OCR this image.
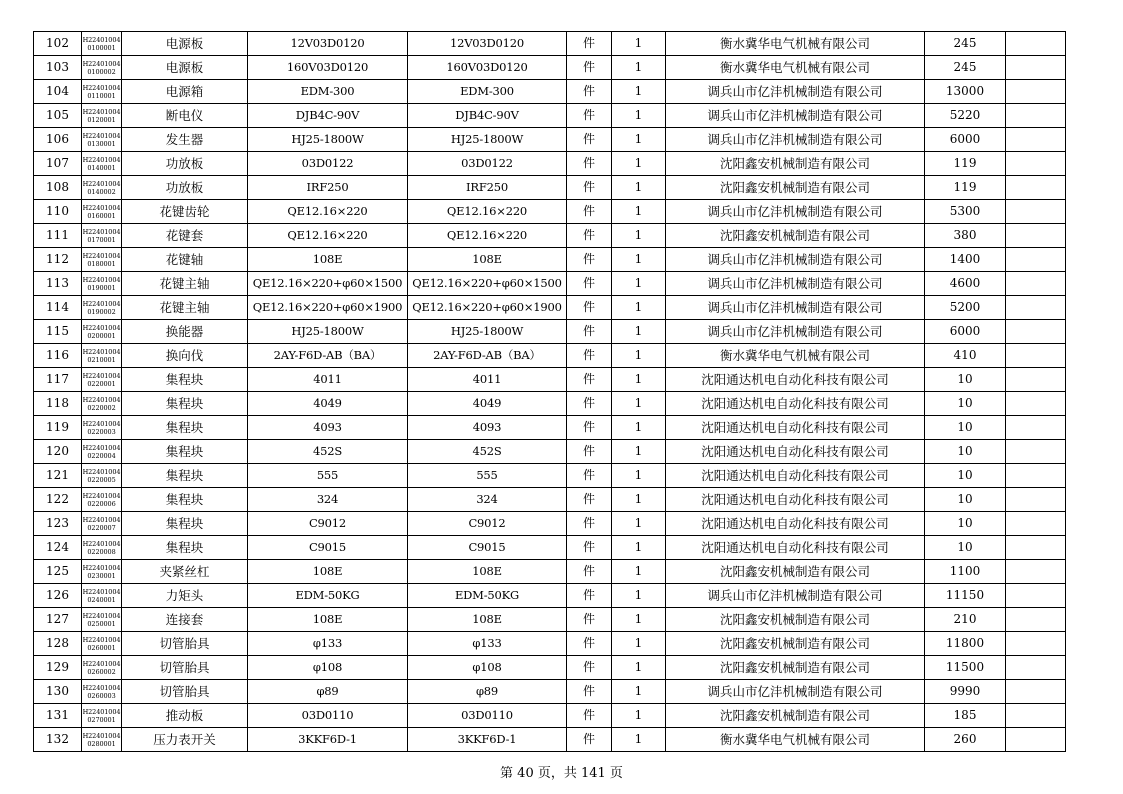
102	H22401004 0100001	电源板	12V03D0120	12V03D0120	件	1	衡水冀华电气机械有限公司	245	
103	H22401004 0100002	电源板	160V03D0120	160V03D0120	件	1	衡水冀华电气机械有限公司	245	
104	H22401004 0110001	电源箱	EDM-300	EDM-300	件	1	调兵山市亿沣机械制造有限公司	13000	
105	H22401004 0120001	断电仪	DJB4C-90V	DJB4C-90V	件	1	调兵山市亿沣机械制造有限公司	5220	
106	H22401004 0130001	发生器	HJ25-1800W	HJ25-1800W	件	1	调兵山市亿沣机械制造有限公司	6000	
107	H22401004 0140001	功放板	03D0122	03D0122	件	1	沈阳鑫安机械制造有限公司	119	
108	H22401004 0140002	功放板	IRF250	IRF250	件	1	沈阳鑫安机械制造有限公司	119	
110	H22401004 0160001	花键齿轮	QE12.16×220	QE12.16×220	件	1	调兵山市亿沣机械制造有限公司	5300	
111	H22401004 0170001	花键套	QE12.16×220	QE12.16×220	件	1	沈阳鑫安机械制造有限公司	380	
112	H22401004 0180001	花键轴	108E	108E	件	1	调兵山市亿沣机械制造有限公司	1400	
113	H22401004 0190001	花键主轴	QE12.16×220+φ60×1500	QE12.16×220+φ60×1500	件	1	调兵山市亿沣机械制造有限公司	4600	
114	H22401004 0190002	花键主轴	QE12.16×220+φ60×1900	QE12.16×220+φ60×1900	件	1	调兵山市亿沣机械制造有限公司	5200	
115	H22401004 0200001	换能器	HJ25-1800W	HJ25-1800W	件	1	调兵山市亿沣机械制造有限公司	6000	
116	H22401004 0210001	换向伐	2AY-F6D-AB（BA）	2AY-F6D-AB（BA）	件	1	衡水冀华电气机械有限公司	410	
117	H22401004 0220001	集程块	4011	4011	件	1	沈阳通达机电自动化科技有限公司	10	
118	H22401004 0220002	集程块	4049	4049	件	1	沈阳通达机电自动化科技有限公司	10	
119	H22401004 0220003	集程块	4093	4093	件	1	沈阳通达机电自动化科技有限公司	10	
120	H22401004 0220004	集程块	452S	452S	件	1	沈阳通达机电自动化科技有限公司	10	
121	H22401004 0220005	集程块	555	555	件	1	沈阳通达机电自动化科技有限公司	10	
122	H22401004 0220006	集程块	324	324	件	1	沈阳通达机电自动化科技有限公司	10	
123	H22401004 0220007	集程块	C9012	C9012	件	1	沈阳通达机电自动化科技有限公司	10	
124	H22401004 0220008	集程块	C9015	C9015	件	1	沈阳通达机电自动化科技有限公司	10	
125	H22401004 0230001	夹紧丝杠	108E	108E	件	1	沈阳鑫安机械制造有限公司	1100	
126	H22401004 0240001	力矩头	EDM-50KG	EDM-50KG	件	1	调兵山市亿沣机械制造有限公司	11150	
127	H22401004 0250001	连接套	108E	108E	件	1	沈阳鑫安机械制造有限公司	210	
128	H22401004 0260001	切管胎具	φ133	φ133	件	1	沈阳鑫安机械制造有限公司	11800	
129	H22401004 0260002	切管胎具	φ108	φ108	件	1	沈阳鑫安机械制造有限公司	11500	
130	H22401004 0260003	切管胎具	φ89	φ89	件	1	调兵山市亿沣机械制造有限公司	9990	
131	H22401004 0270001	推动板	03D0110	03D0110	件	1	沈阳鑫安机械制造有限公司	185	
132	H22401004 0280001	压力表开关	3KKF6D-1	3KKF6D-1	件	1	衡水冀华电气机械有限公司	260	
第 40 页，共 141 页
